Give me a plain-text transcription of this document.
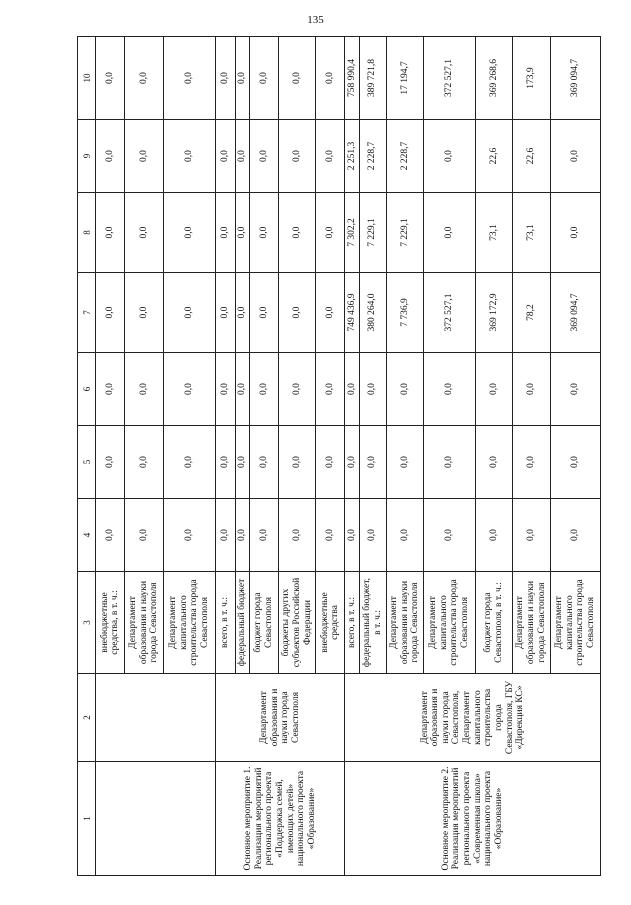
135
1	2	3	4	5	6	7	8	9	10
		внебюджетные средства, в т. ч.:	0,0	0,0	0,0	0,0	0,0	0,0	0,0
		Департамент образования и науки города Севастополя	0,0	0,0	0,0	0,0	0,0	0,0	0,0
		Департамент капитального строительства города Севастополя	0,0	0,0	0,0	0,0	0,0	0,0	0,0
Основное мероприятие 1. Реализация мероприятий регионального проекта «Поддержка семей, имеющих детей» национального проекта «Образование»	Департамент образования и науки города Севастополя	всего, в т. ч.:	0,0	0,0	0,0	0,0	0,0	0,0	0,0
		федеральный бюджет	0,0	0,0	0,0	0,0	0,0	0,0	0,0
		бюджет города Севастополя	0,0	0,0	0,0	0,0	0,0	0,0	0,0
		бюджеты других субъектов Российской Федерации	0,0	0,0	0,0	0,0	0,0	0,0	0,0
		внебюджетные средства	0,0	0,0	0,0	0,0	0,0	0,0	0,0
Основное мероприятие 2. Реализация мероприятий регионального проекта «Современная школа» национального проекта «Образование»	Департамент образования и науки города Севастополя, Департамент капитального строительства города Севастополя, ГБУ «Дирекция КС»	всего, в т. ч.:	0,0	0,0	0,0	749 436,9	7 302,2	2 251,3	758 990,4
		федеральный бюджет, в т. ч.:	0,0	0,0	0,0	380 264,0	7 229,1	2 228,7	389 721,8
		Департамент образования и науки города Севастополя	0,0	0,0	0,0	7 736,9	7 229,1	2 228,7	17 194,7
		Департамент капитального строительства города Севастополя	0,0	0,0	0,0	372 527,1	0,0	0,0	372 527,1
		бюджет города Севастополя, в т. ч.:	0,0	0,0	0,0	369 172,9	73,1	22,6	369 268,6
		Департамент образования и науки города Севастополя	0,0	0,0	0,0	78,2	73,1	22,6	173,9
		Департамент капитального строительства города Севастополя	0,0	0,0	0,0	369 094,7	0,0	0,0	369 094,7
